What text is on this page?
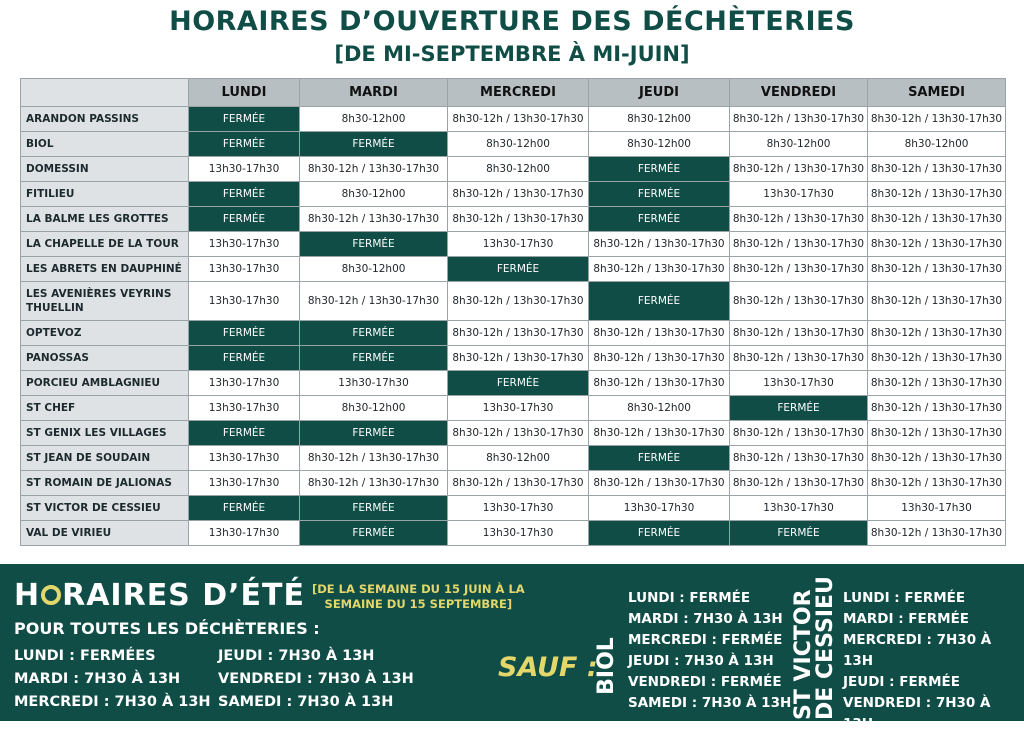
HORAIRES D’OUVERTURE DES DÉCHÈTERIES
[DE MI-SEPTEMBRE À MI-JUIN]
	LUNDI	MARDI	MERCREDI	JEUDI	VENDREDI	SAMEDI
ARANDON PASSINS	FERMÉE	8h30-12h00	8h30-12h / 13h30-17h30	8h30-12h00	8h30-12h / 13h30-17h30	8h30-12h / 13h30-17h30
BIOL	FERMÉE	FERMÉE	8h30-12h00	8h30-12h00	8h30-12h00	8h30-12h00
DOMESSIN	13h30-17h30	8h30-12h / 13h30-17h30	8h30-12h00	FERMÉE	8h30-12h / 13h30-17h30	8h30-12h / 13h30-17h30
FITILIEU	FERMÉE	8h30-12h00	8h30-12h / 13h30-17h30	FERMÉE	13h30-17h30	8h30-12h / 13h30-17h30
LA BALME LES GROTTES	FERMÉE	8h30-12h / 13h30-17h30	8h30-12h / 13h30-17h30	FERMÉE	8h30-12h / 13h30-17h30	8h30-12h / 13h30-17h30
LA CHAPELLE DE LA TOUR	13h30-17h30	FERMÉE	13h30-17h30	8h30-12h / 13h30-17h30	8h30-12h / 13h30-17h30	8h30-12h / 13h30-17h30
LES ABRETS EN DAUPHINÉ	13h30-17h30	8h30-12h00	FERMÉE	8h30-12h / 13h30-17h30	8h30-12h / 13h30-17h30	8h30-12h / 13h30-17h30
LES AVENIÈRES VEYRINS THUELLIN	13h30-17h30	8h30-12h / 13h30-17h30	8h30-12h / 13h30-17h30	FERMÉE	8h30-12h / 13h30-17h30	8h30-12h / 13h30-17h30
OPTEVOZ	FERMÉE	FERMÉE	8h30-12h / 13h30-17h30	8h30-12h / 13h30-17h30	8h30-12h / 13h30-17h30	8h30-12h / 13h30-17h30
PANOSSAS	FERMÉE	FERMÉE	8h30-12h / 13h30-17h30	8h30-12h / 13h30-17h30	8h30-12h / 13h30-17h30	8h30-12h / 13h30-17h30
PORCIEU AMBLAGNIEU	13h30-17h30	13h30-17h30	FERMÉE	8h30-12h / 13h30-17h30	13h30-17h30	8h30-12h / 13h30-17h30
ST CHEF	13h30-17h30	8h30-12h00	13h30-17h30	8h30-12h00	FERMÉE	8h30-12h / 13h30-17h30
ST GENIX LES VILLAGES	FERMÉE	FERMÉE	8h30-12h / 13h30-17h30	8h30-12h / 13h30-17h30	8h30-12h / 13h30-17h30	8h30-12h / 13h30-17h30
ST JEAN DE SOUDAIN	13h30-17h30	8h30-12h / 13h30-17h30	8h30-12h00	FERMÉE	8h30-12h / 13h30-17h30	8h30-12h / 13h30-17h30
ST ROMAIN DE JALIONAS	13h30-17h30	8h30-12h / 13h30-17h30	8h30-12h / 13h30-17h30	8h30-12h / 13h30-17h30	8h30-12h / 13h30-17h30	8h30-12h / 13h30-17h30
ST VICTOR DE CESSIEU	FERMÉE	FERMÉE	13h30-17h30	13h30-17h30	13h30-17h30	13h30-17h30
VAL DE VIRIEU	13h30-17h30	FERMÉE	13h30-17h30	FERMÉE	FERMÉE	8h30-12h / 13h30-17h30
H RAIRES D’ÉTÉ [DE LA SEMAINE DU 15 JUIN À LA
SEMAINE DU 15 SEPTEMBRE]
POUR TOUTES LES DÉCHÈTERIES :
LUNDI : FERMÉES
MARDI : 7H30 À 13H
MERCREDI : 7H30 À 13H
JEUDI : 7H30 À 13H
VENDREDI : 7H30 À 13H
SAMEDI : 7H30 À 13H
SAUF :
BIOL
LUNDI : FERMÉE
MARDI : 7H30 À 13H
MERCREDI : FERMÉE
JEUDI : 7H30 À 13H
VENDREDI : FERMÉE
SAMEDI : 7H30 À 13H ST VICTOR
DE CESSIEU LUNDI : FERMÉE
MARDI : FERMÉE
MERCREDI : 7H30 À 13H
JEUDI : FERMÉE
VENDREDI : 7H30 À 13H
SAMEDI : FERMÉE
